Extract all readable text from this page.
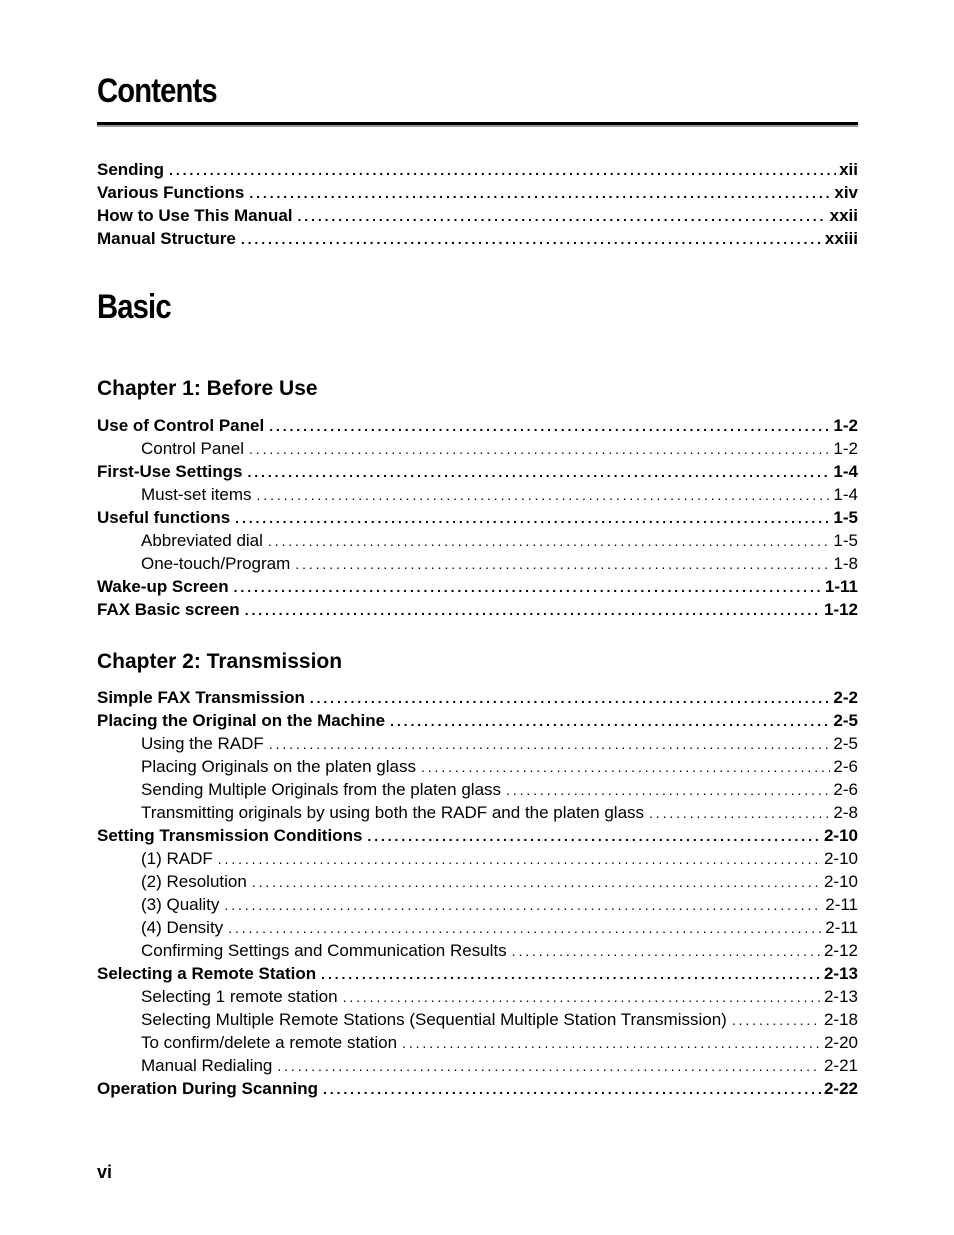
Contents
Sending . . .	xii
Various Functions . . .	xiv
How to Use This Manual . . .	xxii
Manual Structure . . .	xxiii
Basic
Chapter 1: Before Use
Use of Control Panel . . .	1-2
Control Panel . . .	1-2
First-Use Settings . . .	1-4
Must-set items . . .	1-4
Useful functions . . .	1-5
Abbreviated dial . . .	1-5
One-touch/Program . . .	1-8
Wake-up Screen . . .	1-11
FAX Basic screen . . .	1-12
Chapter 2: Transmission
Simple FAX Transmission . . .	2-2
Placing the Original on the Machine . . .	2-5
Using the RADF . . .	2-5
Placing Originals on the platen glass . . .	2-6
Sending Multiple Originals from the platen glass . . .	2-6
Transmitting originals by using both the RADF and the platen glass . . .	2-8
Setting Transmission Conditions . . .	2-10
(1) RADF . . .	2-10
(2) Resolution . . .	2-10
(3) Quality . . .	2-11
(4) Density . . .	2-11
Confirming Settings and Communication Results . . .	2-12
Selecting a Remote Station . . .	2-13
Selecting 1 remote station . . .	2-13
Selecting Multiple Remote Stations (Sequential Multiple Station Transmission) . . .	2-18
To confirm/delete a remote station . . .	2-20
Manual Redialing . . .	2-21
Operation During Scanning . . .	2-22
vi
